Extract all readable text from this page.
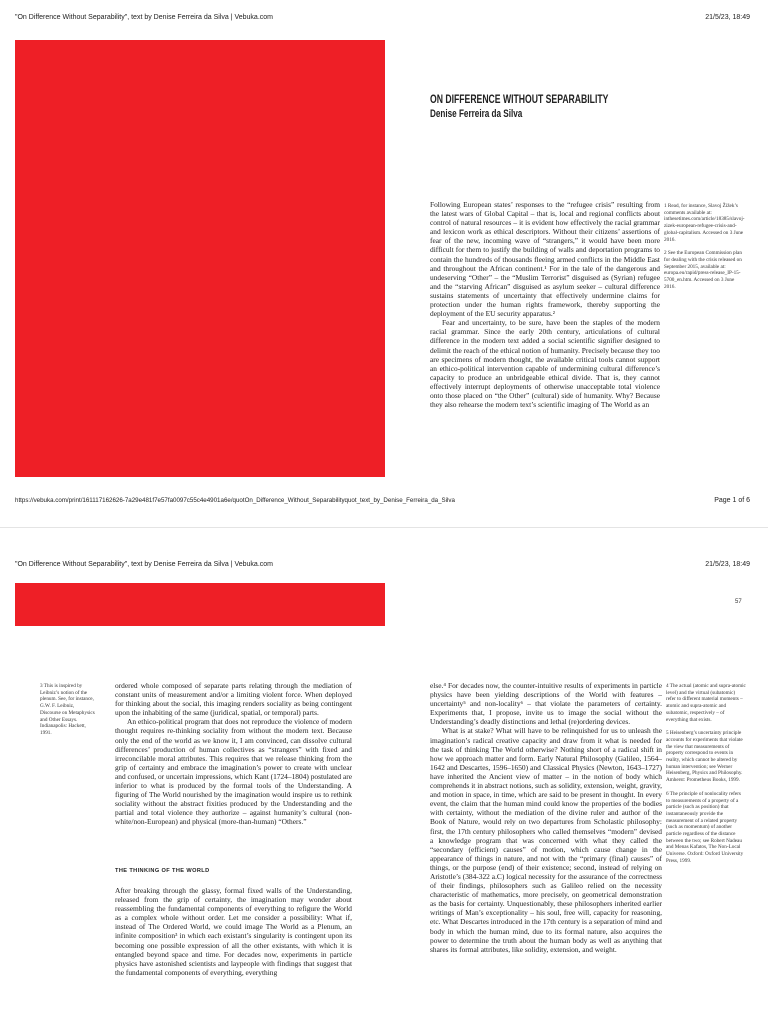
"On Difference Without Separability", text by Denise Ferreira da Silva | Vebuka.com	21/5/23, 18:49
ON DIFFERENCE WITHOUT SEPARABILITY
Denise Ferreira da Silva

Following European states’ responses to the “refugee crisis” resulting from the latest wars of Global Capital – that is, local and regional conflicts about control of natural resources – it is evident how effectively the racial grammar and lexicon work as ethical descriptors. Without their citizens’ assertions of fear of the new, incoming wave of “strangers,” it would have been more difficult for them to justify the building of walls and deportation programs to contain the hundreds of thousands fleeing armed conflicts in the Middle East and throughout the African continent.¹ For in the tale of the dangerous and undeserving “Other” – the “Muslim Terrorist” disguised as (Syrian) refugee and the “starving African” disguised as asylum seeker – cultural difference sustains statements of uncertainty that effectively undermine claims for protection under the human rights framework, thereby supporting the deployment of the EU security apparatus.²

Fear and uncertainty, to be sure, have been the staples of the modern racial grammar. Since the early 20th century, articulations of cultural difference in the modern text added a social scientific signifier designed to delimit the reach of the ethical notion of humanity. Precisely because they too are specimens of modern thought, the available critical tools cannot support an ethico-political intervention capable of undermining cultural difference’s capacity to produce an unbridgeable ethical divide. That is, they cannot effectively interrupt deployments of otherwise unacceptable total violence onto those placed on “the Other” (cultural) side of humanity. Why? Because they also rehearse the modern text’s scientific imaging of The World as an

1 Read, for instance, Slavoj Žižek’s comments available at: inthesetimes.com/article/18385/slavoj-zizek-european-refugee-crisis-and-global-capitalism. Accessed on 3 June 2016.

2 See the European Commission plan for dealing with the crisis released on September 2015, available at: europa.eu/rapid/press-release_IP-15-5700_en.htm. Accessed on 3 June 2016.

https://vebuka.com/print/161117162626-7a29e481f7e57fa0097c55c4e4901a6e/quotOn_Difference_Without_Separabilityquot_text_by_Denise_Ferreira_da_Silva	Page 1 of 6
"On Difference Without Separability", text by Denise Ferreira da Silva | Vebuka.com	21/5/23, 18:49
57

3 This is inspired by Leibniz’s notion of the plenum. See, for instance, G.W. F. Leibniz, Discourse on Metaphysics and Other Essays. Indianapolis: Hackett, 1991.

ordered whole composed of separate parts relating through the mediation of constant units of measurement and/or a limiting violent force. When deployed for thinking about the social, this imaging renders sociality as being contingent upon the inhabiting of the same (juridical, spatial, or temporal) parts.

An ethico-political program that does not reproduce the violence of modern thought requires re-thinking sociality from without the modern text. Because only the end of the world as we know it, I am convinced, can dissolve cultural differences’ production of human collectives as “strangers” with fixed and irreconcilable moral attributes. This requires that we release thinking from the grip of certainty and embrace the imagination’s power to create with unclear and confused, or uncertain impressions, which Kant (1724–1804) postulated are inferior to what is produced by the formal tools of the Understanding. A figuring of The World nourished by the imagination would inspire us to rethink sociality without the abstract fixities produced by the Understanding and the partial and total violence they authorize – against humanity’s cultural (non-white/non-European) and physical (more-than-human) “Others.”

THE THINKING OF THE WORLD

After breaking through the glassy, formal fixed walls of the Understanding, released from the grip of certainty, the imagination may wonder about reassembling the fundamental components of everything to refigure the World as a complex whole without order. Let me consider a possibility: What if, instead of The Ordered World, we could image The World as a Plenum, an infinite composition³ in which each existant’s singularity is contingent upon its becoming one possible expression of all the other existants, with which it is entangled beyond space and time. For decades now, experiments in particle physics have astonished scientists and laypeople with findings that suggest that the fundamental components of everything, everything

else.⁴ For decades now, the counter-intuitive results of experiments in particle physics have been yielding descriptions of the World with features – uncertainty⁵ and non-locality⁶ – that violate the parameters of certainty. Experiments that, I propose, invite us to image the social without the Understanding’s deadly distinctions and lethal (re)ordering devices.

What is at stake? What will have to be relinquished for us to unleash the imagination’s radical creative capacity and draw from it what is needed for the task of thinking The World otherwise? Nothing short of a radical shift in how we approach matter and form. Early Natural Philosophy (Galileo, 1564–1642 and Descartes, 1596–1650) and Classical Physics (Newton, 1643–1727) have inherited the Ancient view of matter – in the notion of body which comprehends it in abstract notions, such as solidity, extension, weight, gravity, and motion in space, in time, which are said to be present in thought. In every event, the claim that the human mind could know the properties of the bodies with certainty, without the mediation of the divine ruler and author of the Book of Nature, would rely on two departures from Scholastic philosophy: first, the 17th century philosophers who called themselves “modern” devised a knowledge program that was concerned with what they called the “secondary (efficient) causes” of motion, which cause change in the appearance of things in nature, and not with the “primary (final) causes” of things, or the purpose (end) of their existence; second, instead of relying on Aristotle’s (384-322 a.C) logical necessity for the assurance of the correctness of their findings, philosophers such as Galileo relied on the necessity characteristic of mathematics, more precisely, on geometrical demonstration as the basis for certainty. Unquestionably, these philosophers inherited earlier writings of Man’s exceptionality – his soul, free will, capacity for reasoning, etc. What Descartes introduced in the 17th century is a separation of mind and body in which the human mind, due to its formal nature, also acquires the power to determine the truth about the human body as well as anything that shares its formal attributes, like solidity, extension, and weight.

4 The actual (atomic and supra-atomic level) and the virtual (subatomic) refer to different material moments – atomic and supra-atomic and subatomic, respectively – of everything that exists.

5 Heisenberg’s uncertainty principle accounts for experiments that violate the view that measurements of property correspond to events in reality, which cannot be altered by human intervention; see Werner Heisenberg, Physics and Philosophy. Amherst: Prometheus Books, 1999.

6 The principle of nonlocality refers to measurements of a property of a particle (such as position) that instantaneously provide the measurement of a related property (such as momentum) of another particle regardless of the distance between the two; see Robert Nadeau and Menas Kafatos, The Non-Local Universe. Oxford: Oxford University Press, 1999.
